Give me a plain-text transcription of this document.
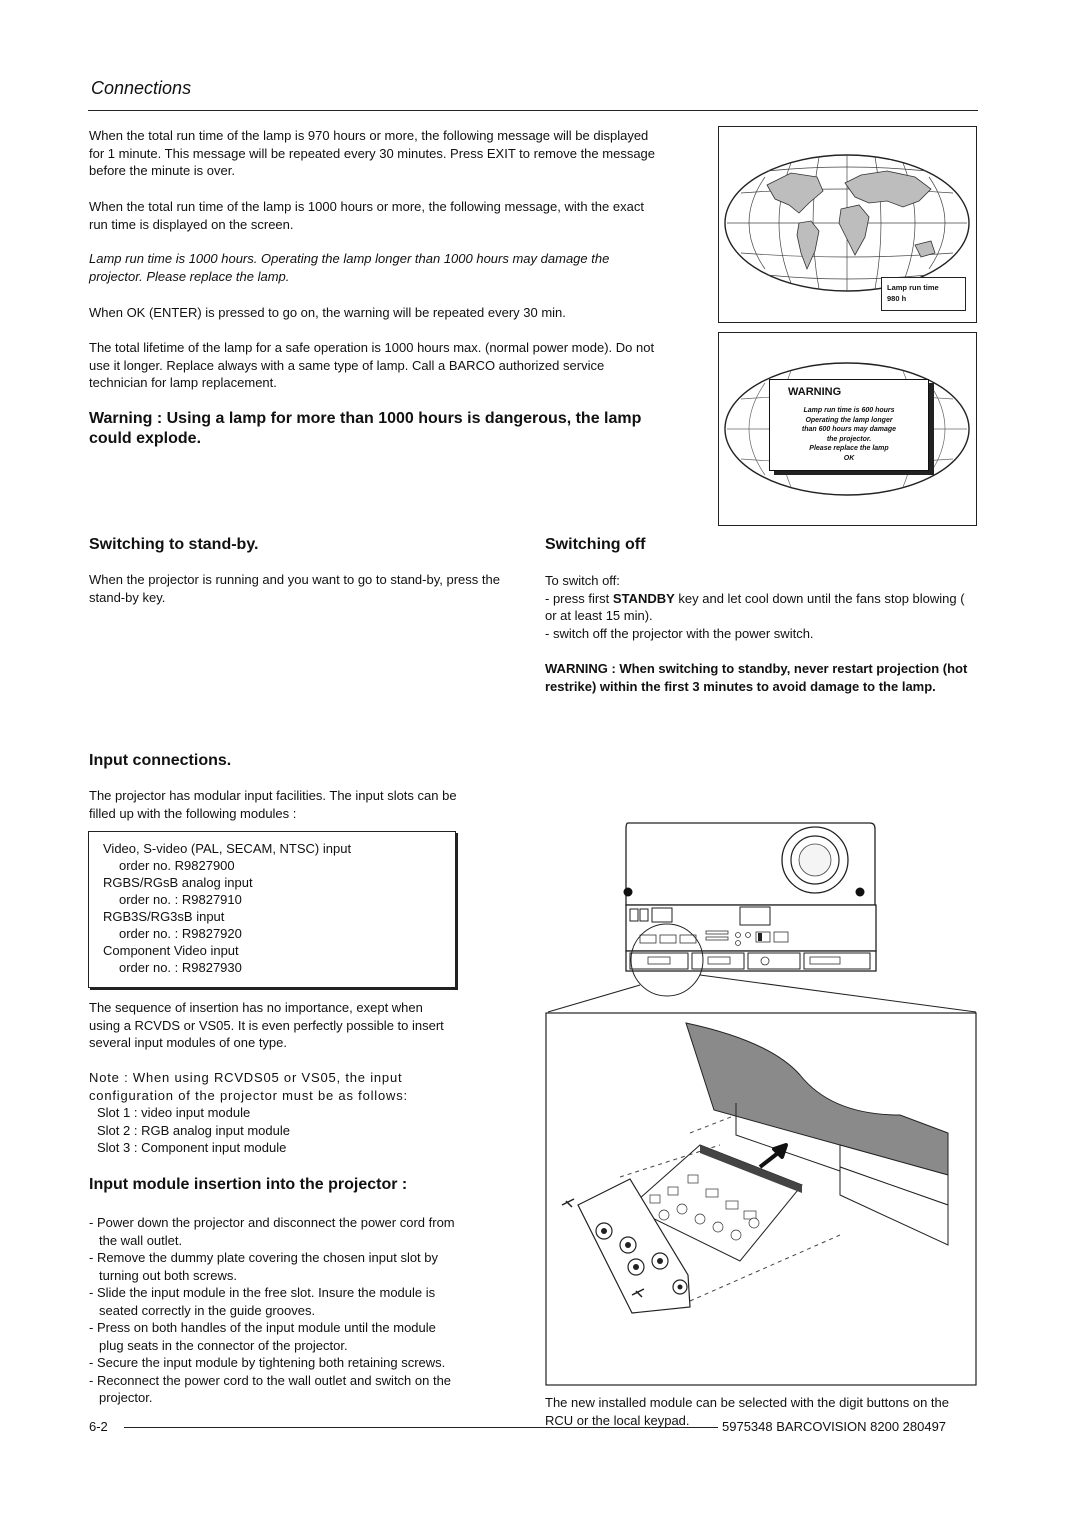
Connections
When the total run time of the lamp is 970 hours or more, the following message will be displayed for 1 minute. This message will be repeated every 30 minutes. Press EXIT to remove the message before the minute is over.
When the total run time of the lamp is 1000 hours or more, the following message, with the exact run time is displayed on the screen.
Lamp run time is 1000 hours. Operating the lamp longer than 1000 hours may damage the projector. Please replace the lamp.
When OK (ENTER) is pressed to go on, the warning will be repeated every 30 min.
The total lifetime of the lamp for a safe operation is 1000 hours max. (normal power mode). Do not use it longer. Replace always with a same type of lamp. Call a BARCO authorized service technician for lamp replacement.
Warning : Using a lamp for more than 1000 hours is dangerous, the lamp could explode.
Lamp run time
980 h
WARNING
Lamp run time is 600 hours
Operating the lamp longer
than 600 hours may damage
the projector.
Please replace the lamp
OK
Switching to stand-by.
When the projector is running and you want to go to stand-by, press the stand-by key.
Switching off
To switch off:
- press first STANDBY key and let cool down until the fans stop blowing ( or at least 15 min).
- switch off the projector with the power switch.
WARNING : When switching to standby, never restart projection (hot restrike) within the first 3 minutes to avoid damage to the lamp.
Input connections.
The projector has modular input facilities. The input slots can be filled up with the following modules :
Video, S-video (PAL, SECAM, NTSC) input
order no. R9827900
RGBS/RGsB analog input
order no. : R9827910
RGB3S/RG3sB input
order no. : R9827920
Component Video input
order no. : R9827930
The sequence of insertion has no importance, exept when using a RCVDS or VS05. It is even perfectly possible to insert several input modules of one type.
Note : When using RCVDS05 or VS05, the input configuration of the projector must be as follows:
Slot 1 : video input module
Slot 2 : RGB analog input module
Slot 3 : Component input module
Input module insertion into the projector :
- Power down the projector and disconnect the power cord from the wall outlet.
- Remove the dummy plate covering the chosen input slot by turning out both screws.
- Slide the input module in the free slot. Insure the module is seated correctly in the guide grooves.
- Press on both handles of the input module until the module plug seats in the connector of the projector.
- Secure the input module by tightening both retaining screws.
- Reconnect the power cord to the wall outlet and switch on the projector.	The new installed module can be selected with the digit buttons on the RCU or the local keypad.
6-2	5975348 BARCOVISION 8200 280497
